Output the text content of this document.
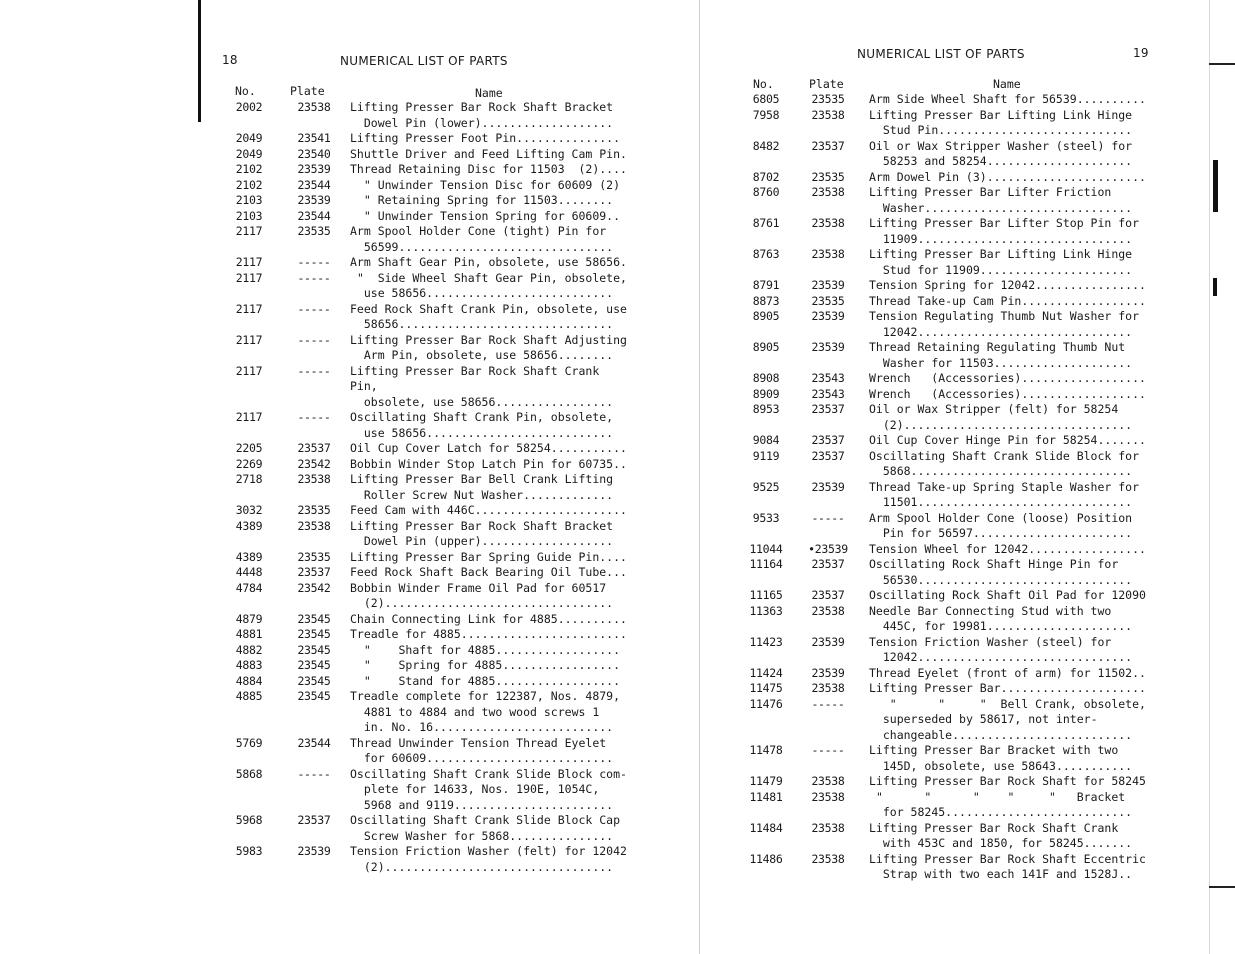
18	NUMERICAL LIST OF PARTS
No.	Plate	Name
2002	23538	Lifting Presser Bar Rock Shaft Bracket
Dowel Pin (lower)...................
2049	23541	Lifting Presser Foot Pin...............
2049	23540	Shuttle Driver and Feed Lifting Cam Pin.
2102	23539	Thread Retaining Disc for 11503  (2)....
2102	23544	" Unwinder Tension Disc for 60609 (2)
2103	23539	" Retaining Spring for 11503........
2103	23544	" Unwinder Tension Spring for 60609..
2117	23535	Arm Spool Holder Cone (tight) Pin for
56599...............................
2117	-----	Arm Shaft Gear Pin, obsolete, use 58656.
2117	-----	"  Side Wheel Shaft Gear Pin, obsolete,
use 58656...........................
2117	-----	Feed Rock Shaft Crank Pin, obsolete, use
58656...............................
2117	-----	Lifting Presser Bar Rock Shaft Adjusting
Arm Pin, obsolete, use 58656........
2117	-----	Lifting Presser Bar Rock Shaft Crank Pin,
obsolete, use 58656.................
2117	-----	Oscillating Shaft Crank Pin, obsolete,
use 58656...........................
2205	23537	Oil Cup Cover Latch for 58254...........
2269	23542	Bobbin Winder Stop Latch Pin for 60735..
2718	23538	Lifting Presser Bar Bell Crank Lifting
Roller Screw Nut Washer.............
3032	23535	Feed Cam with 446C......................
4389	23538	Lifting Presser Bar Rock Shaft Bracket
Dowel Pin (upper)...................
4389	23535	Lifting Presser Bar Spring Guide Pin....
4448	23537	Feed Rock Shaft Back Bearing Oil Tube...
4784	23542	Bobbin Winder Frame Oil Pad for 60517
(2).................................
4879	23545	Chain Connecting Link for 4885..........
4881	23545	Treadle for 4885........................
4882	23545	"    Shaft for 4885..................
4883	23545	"    Spring for 4885.................
4884	23545	"    Stand for 4885..................
4885	23545	Treadle complete for 122387, Nos. 4879,
4881 to 4884 and two wood screws 1
in. No. 16..........................
5769	23544	Thread Unwinder Tension Thread Eyelet
for 60609...........................
5868	-----	Oscillating Shaft Crank Slide Block com-
plete for 14633, Nos. 190E, 1054C,
5968 and 9119.......................
5968	23537	Oscillating Shaft Crank Slide Block Cap
Screw Washer for 5868...............
5983	23539	Tension Friction Washer (felt) for 12042
(2).................................
NUMERICAL LIST OF PARTS	19
No.	Plate	Name
6805	23535	Arm Side Wheel Shaft for 56539..........
7958	23538	Lifting Presser Bar Lifting Link Hinge
Stud Pin............................
8482	23537	Oil or Wax Stripper Washer (steel) for
58253 and 58254.....................
8702	23535	Arm Dowel Pin (3).......................
8760	23538	Lifting Presser Bar Lifter Friction
Washer..............................
8761	23538	Lifting Presser Bar Lifter Stop Pin for
11909...............................
8763	23538	Lifting Presser Bar Lifting Link Hinge
Stud for 11909......................
8791	23539	Tension Spring for 12042................
8873	23535	Thread Take-up Cam Pin..................
8905	23539	Tension Regulating Thumb Nut Washer for
12042...............................
8905	23539	Thread Retaining Regulating Thumb Nut
Washer for 11503....................
8908	23543	Wrench   (Accessories)..................
8909	23543	Wrench   (Accessories)..................
8953	23537	Oil or Wax Stripper (felt) for 58254
(2).................................
9084	23537	Oil Cup Cover Hinge Pin for 58254.......
9119	23537	Oscillating Shaft Crank Slide Block for
5868................................
9525	23539	Thread Take-up Spring Staple Washer for
11501...............................
9533	-----	Arm Spool Holder Cone (loose) Position
Pin for 56597.......................
11044	•23539	Tension Wheel for 12042.................
11164	23537	Oscillating Rock Shaft Hinge Pin for
56530...............................
11165	23537	Oscillating Rock Shaft Oil Pad for 12090
11363	23538	Needle Bar Connecting Stud with two
445C, for 19981.....................
11423	23539	Tension Friction Washer (steel) for
12042...............................
11424	23539	Thread Eyelet (front of arm) for 11502..
11475	23538	Lifting Presser Bar.....................
11476	-----	"      "     "  Bell Crank, obsolete,
superseded by 58617, not inter-
changeable..........................
11478	-----	Lifting Presser Bar Bracket with two
145D, obsolete, use 58643...........
11479	23538	Lifting Presser Bar Rock Shaft for 58245
11481	23538	"      "      "    "     "   Bracket
for 58245...........................
11484	23538	Lifting Presser Bar Rock Shaft Crank
with 453C and 1850, for 58245.......
11486	23538	Lifting Presser Bar Rock Shaft Eccentric
Strap with two each 141F and 1528J..
